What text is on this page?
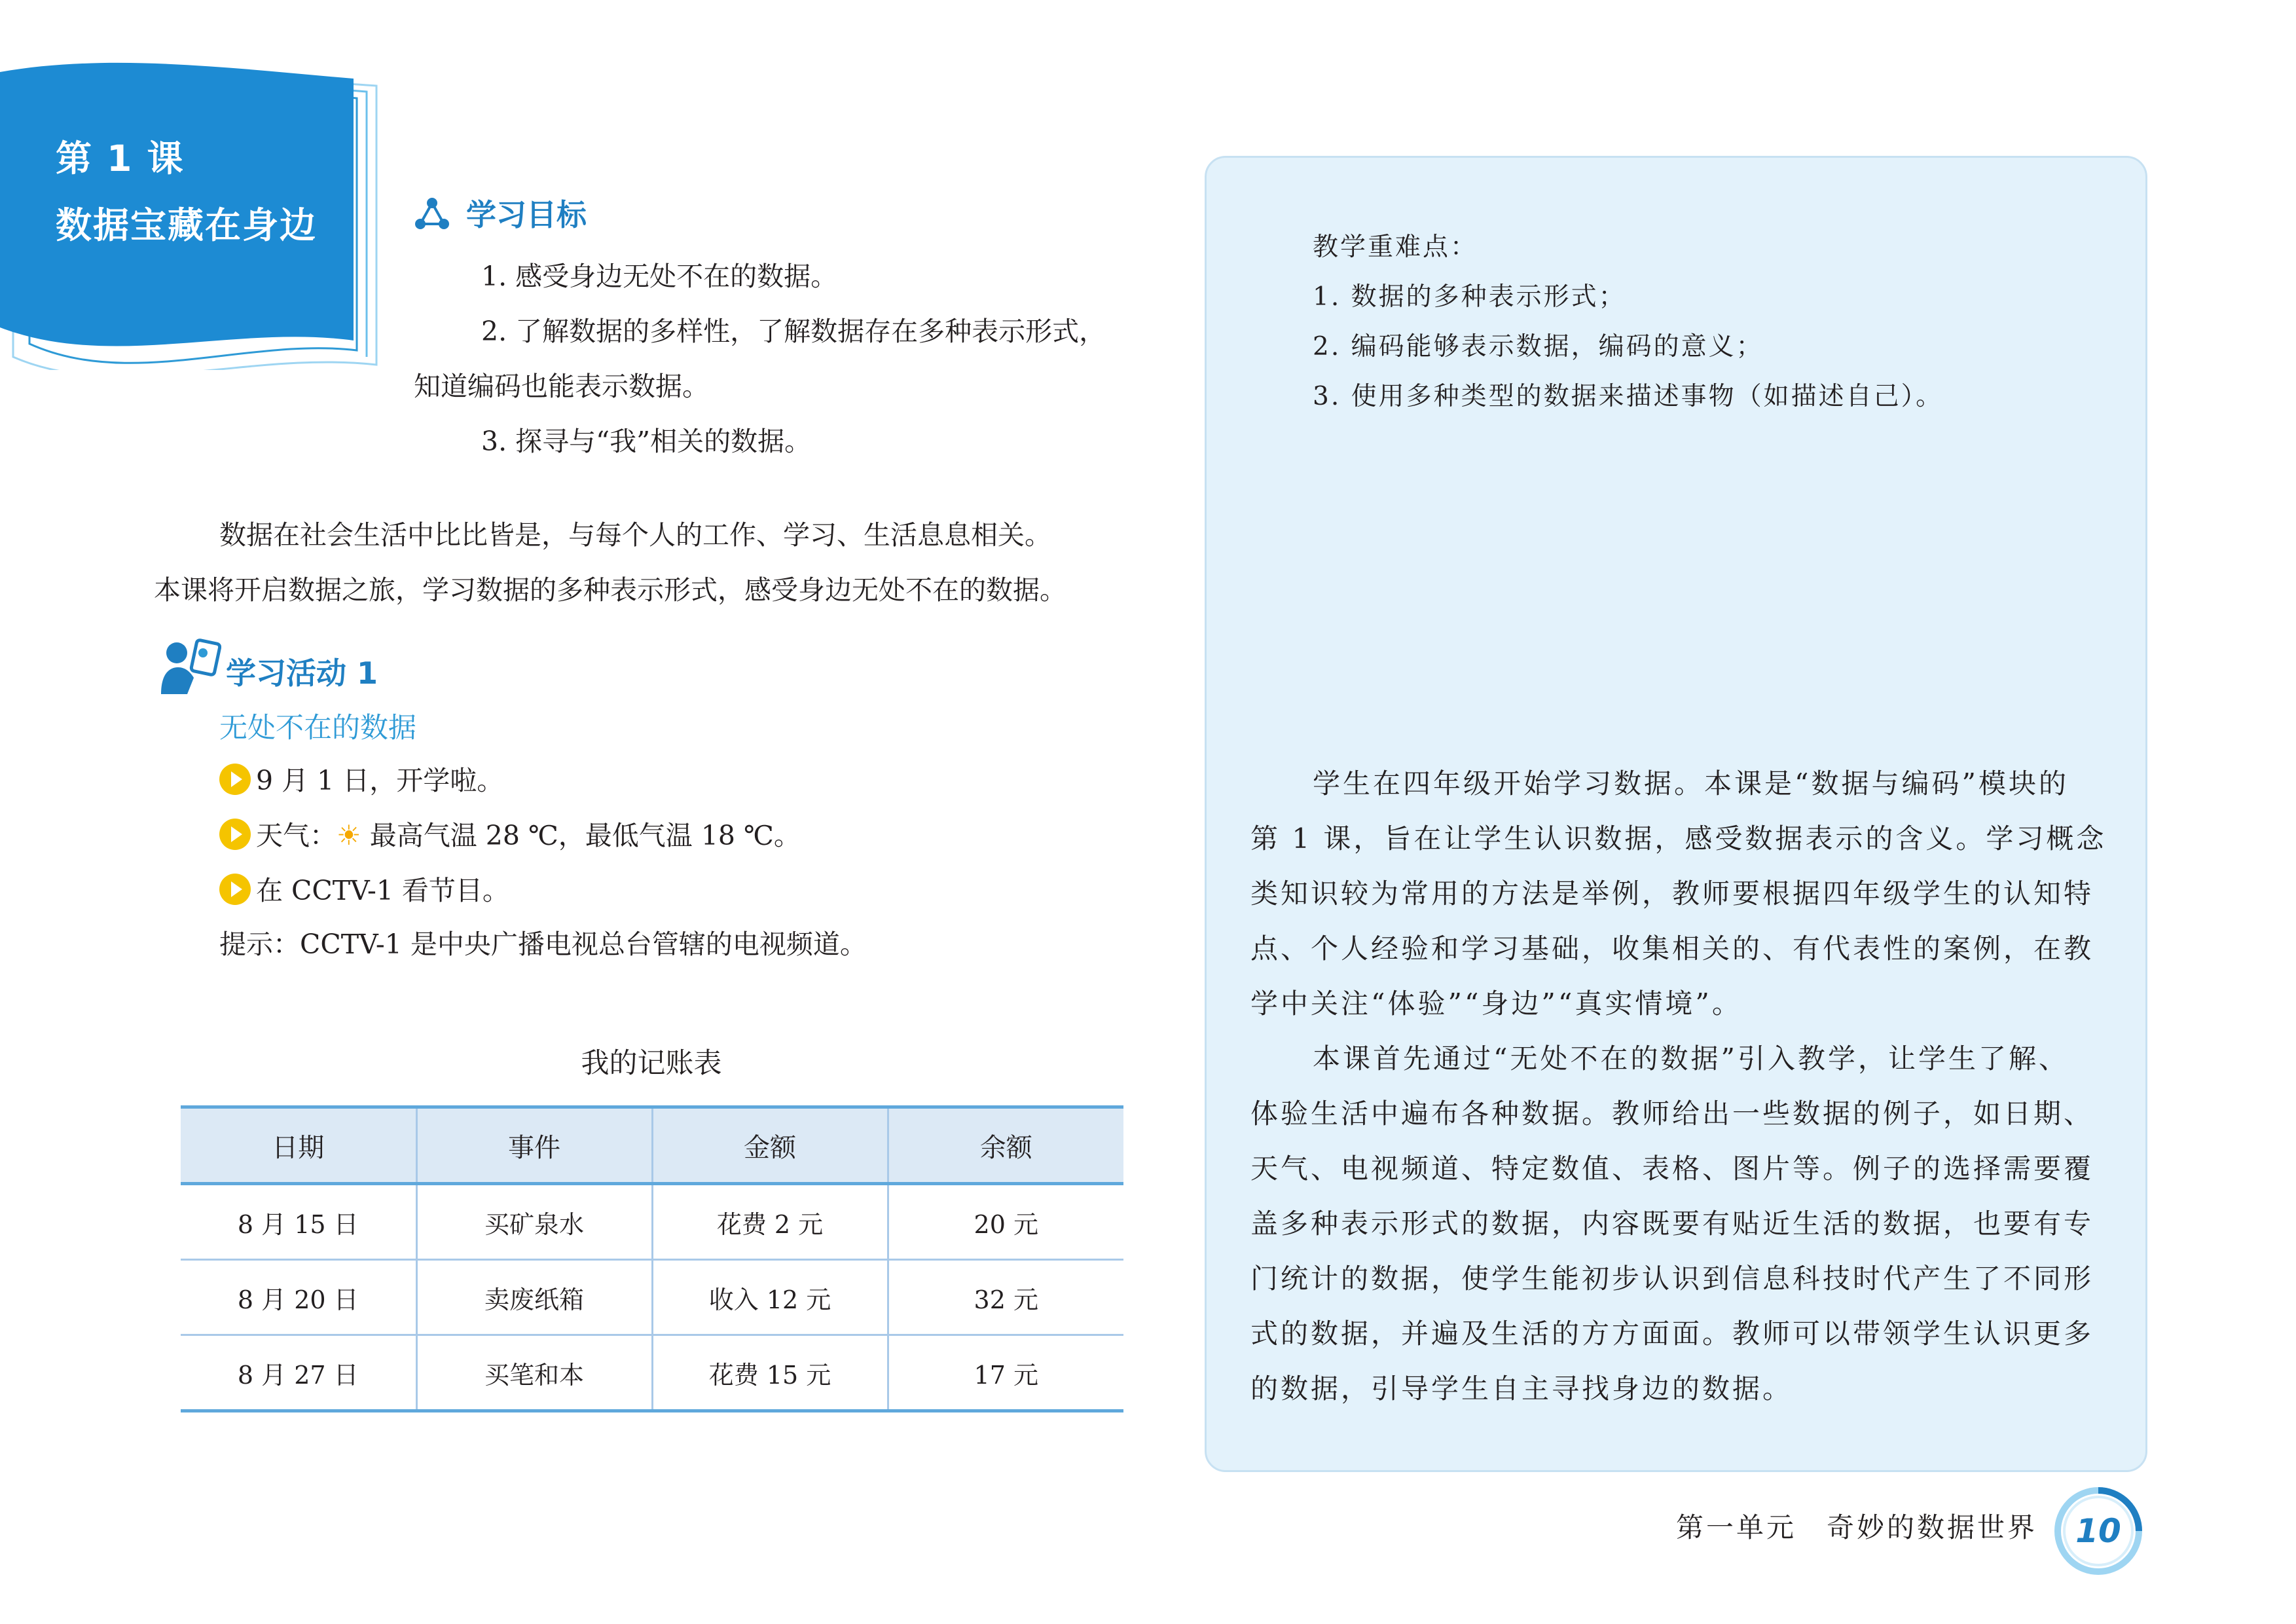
第 1 课
数据宝藏在身边	学习目标
1. 感受身边无处不在的数据。
2. 了解数据的多样性，了解数据存在多种表示形式，
知道编码也能表示数据。
3. 探寻与“我”相关的数据。
数据在社会生活中比比皆是，与每个人的工作、学习、生活息息相关。
本课将开启数据之旅，学习数据的多种表示形式，感受身边无处不在的数据。
学习活动 1
无处不在的数据
9 月 1 日，开学啦。
天气：☀ 最高气温 28 ℃，最低气温 18 ℃。
在 CCTV-1 看节目。
提示：CCTV-1 是中央广播电视总台管辖的电视频道。
我的记账表
日期	事件	金额	余额
8 月 15 日	买矿泉水	花费 2 元	20 元
8 月 20 日	卖废纸箱	收入 12 元	32 元
8 月 27 日	买笔和本	花费 15 元	17 元
教学重难点：
1. 数据的多种表示形式；
2. 编码能够表示数据，编码的意义；
3. 使用多种类型的数据来描述事物（如描述自己）。
学生在四年级开始学习数据。本课是“数据与编码”模块的
第 1 课，旨在让学生认识数据，感受数据表示的含义。学习概念
类知识较为常用的方法是举例，教师要根据四年级学生的认知特
点、个人经验和学习基础，收集相关的、有代表性的案例，在教
学中关注“体验”“身边”“真实情境”。
本课首先通过“无处不在的数据”引入教学，让学生了解、
体验生活中遍布各种数据。教师给出一些数据的例子，如日期、
天气、电视频道、特定数值、表格、图片等。例子的选择需要覆
盖多种表示形式的数据，内容既要有贴近生活的数据，也要有专
门统计的数据，使学生能初步认识到信息科技时代产生了不同形
式的数据，并遍及生活的方方面面。教师可以带领学生认识更多
的数据，引导学生自主寻找身边的数据。
第一单元　奇妙的数据世界	10
